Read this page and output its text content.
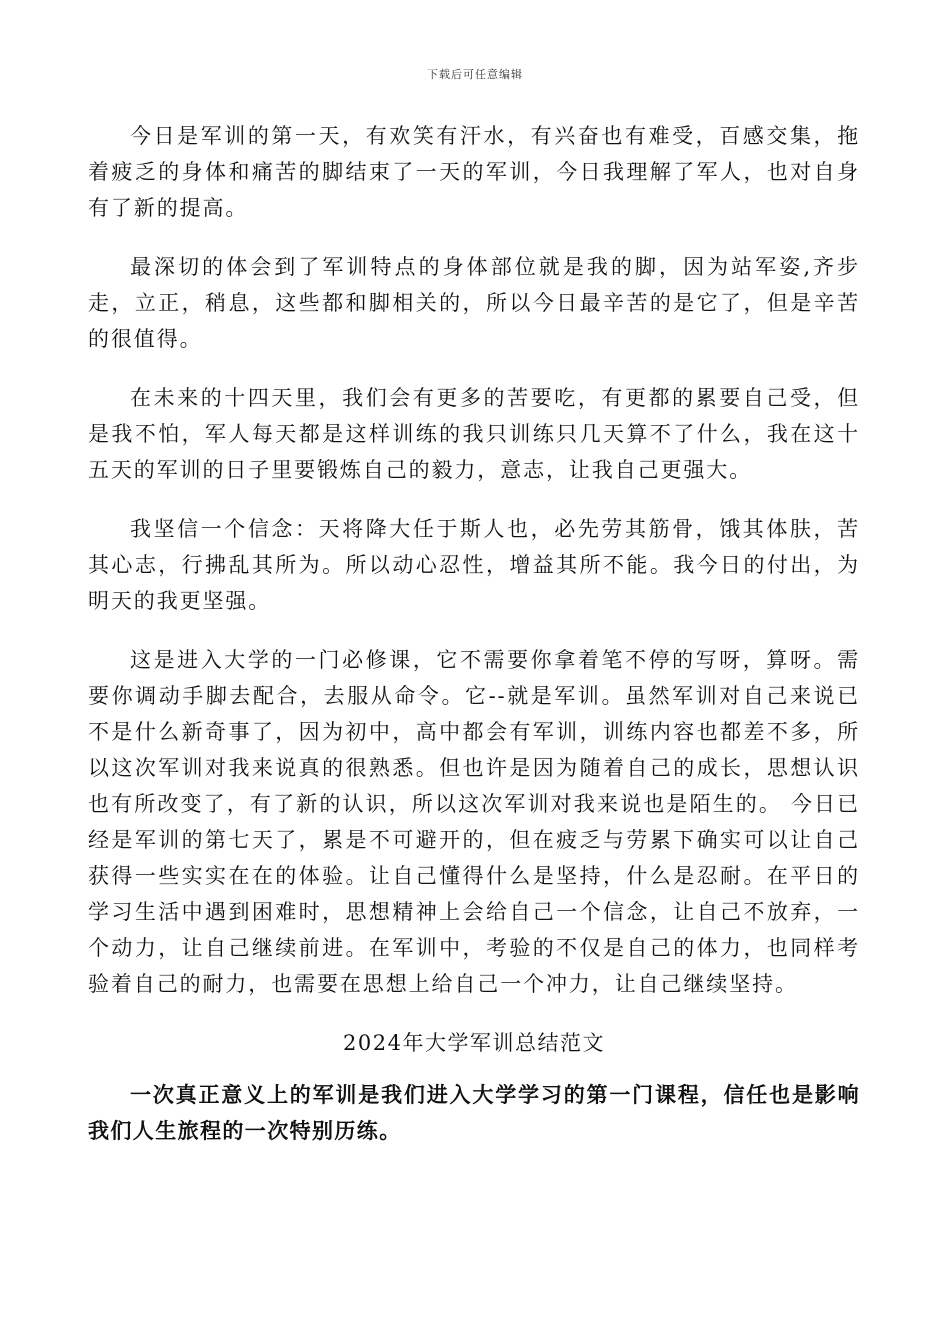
下载后可任意编辑

今日是军训的第一天，有欢笑有汗水，有兴奋也有难受，百感交集，拖着疲乏的身体和痛苦的脚结束了一天的军训，今日我理解了军人，也对自身有了新的提高。

最深切的体会到了军训特点的身体部位就是我的脚，因为站军姿,齐步走，立正，稍息，这些都和脚相关的，所以今日最辛苦的是它了，但是辛苦的很值得。

在未来的十四天里，我们会有更多的苦要吃，有更都的累要自己受，但是我不怕，军人每天都是这样训练的我只训练只几天算不了什么，我在这十五天的军训的日子里要锻炼自己的毅力，意志，让我自己更强大。

我坚信一个信念：天将降大任于斯人也，必先劳其筋骨，饿其体肤，苦其心志，行拂乱其所为。所以动心忍性，增益其所不能。我今日的付出，为明天的我更坚强。

这是进入大学的一门必修课，它不需要你拿着笔不停的写呀，算呀。需要你调动手脚去配合，去服从命令。它--就是军训。虽然军训对自己来说已不是什么新奇事了，因为初中，高中都会有军训，训练内容也都差不多，所以这次军训对我来说真的很熟悉。但也许是因为随着自己的成长，思想认识也有所改变了，有了新的认识，所以这次军训对我来说也是陌生的。 今日已经是军训的第七天了，累是不可避开的，但在疲乏与劳累下确实可以让自己获得一些实实在在的体验。让自己懂得什么是坚持，什么是忍耐。在平日的学习生活中遇到困难时，思想精神上会给自己一个信念，让自己不放弃，一个动力，让自己继续前进。在军训中，考验的不仅是自己的体力，也同样考验着自己的耐力，也需要在思想上给自己一个冲力，让自己继续坚持。

2024年大学军训总结范文

一次真正意义上的军训是我们进入大学学习的第一门课程，信任也是影响我们人生旅程的一次特别历练。
